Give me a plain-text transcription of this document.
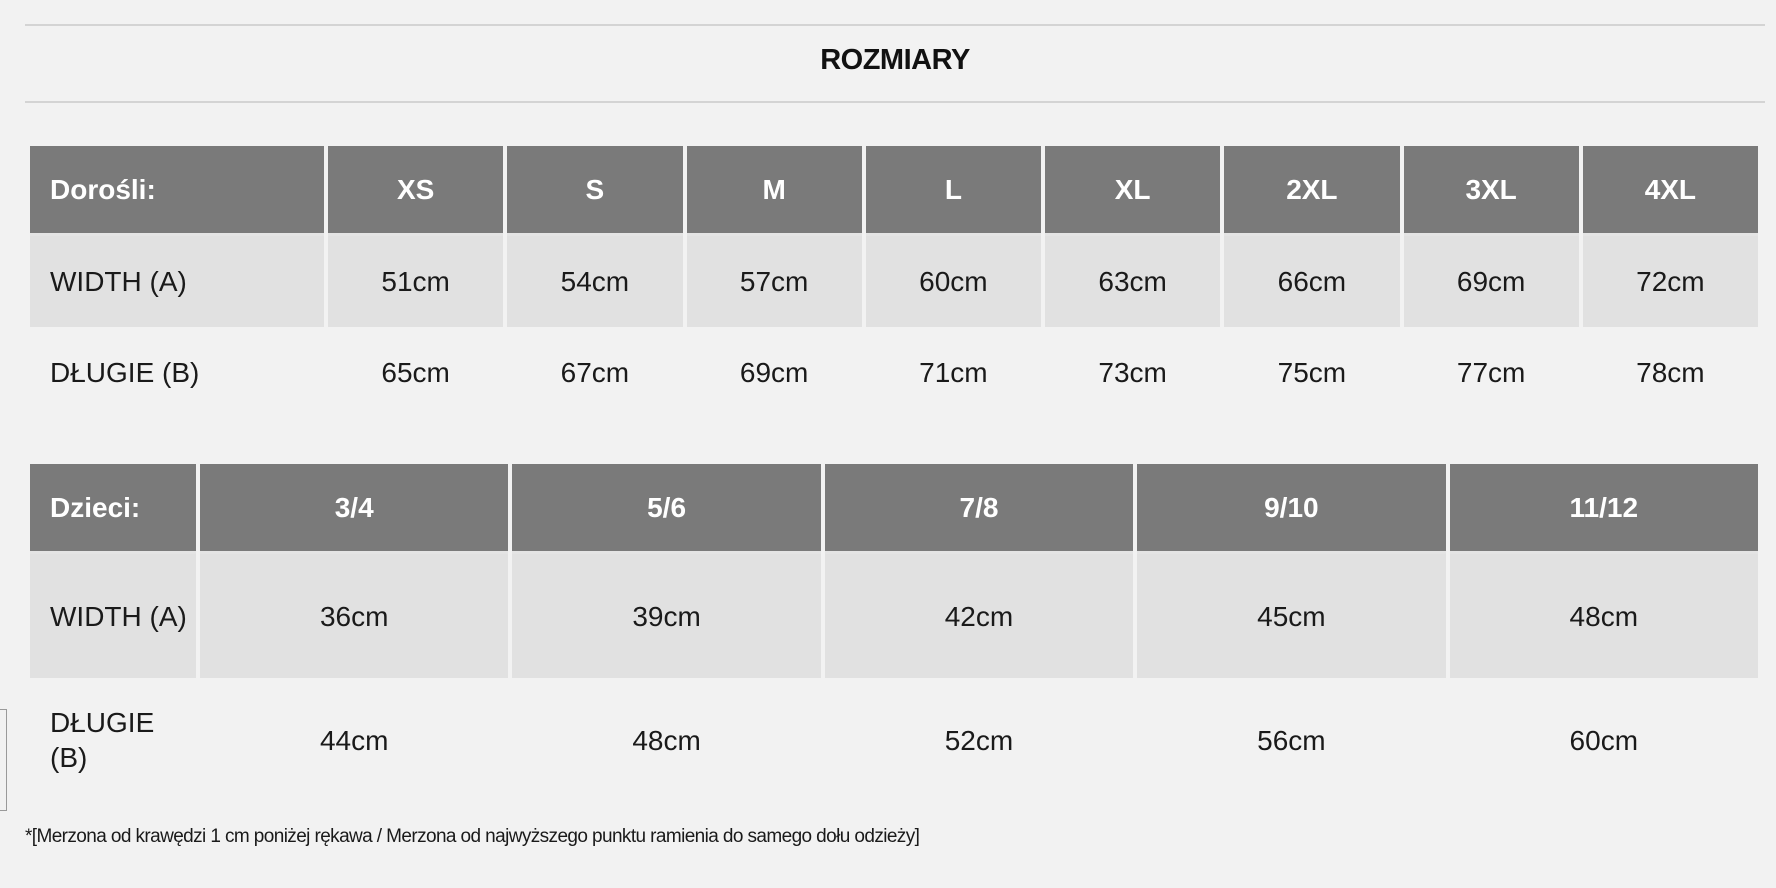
ROZMIARY
Dorośli:	XS	S	M	L	XL	2XL	3XL	4XL
WIDTH (A)	51cm	54cm	57cm	60cm	63cm	66cm	69cm	72cm
DŁUGIE (B)	65cm	67cm	69cm	71cm	73cm	75cm	77cm	78cm
Dzieci:	3/4	5/6	7/8	9/10	11/12
WIDTH (A)	36cm	39cm	42cm	45cm	48cm
DŁUGIE (B)	44cm	48cm	52cm	56cm	60cm
*[Merzona od krawędzi 1 cm poniżej rękawa / Merzona od najwyższego punktu ramienia do samego dołu odzieży]
